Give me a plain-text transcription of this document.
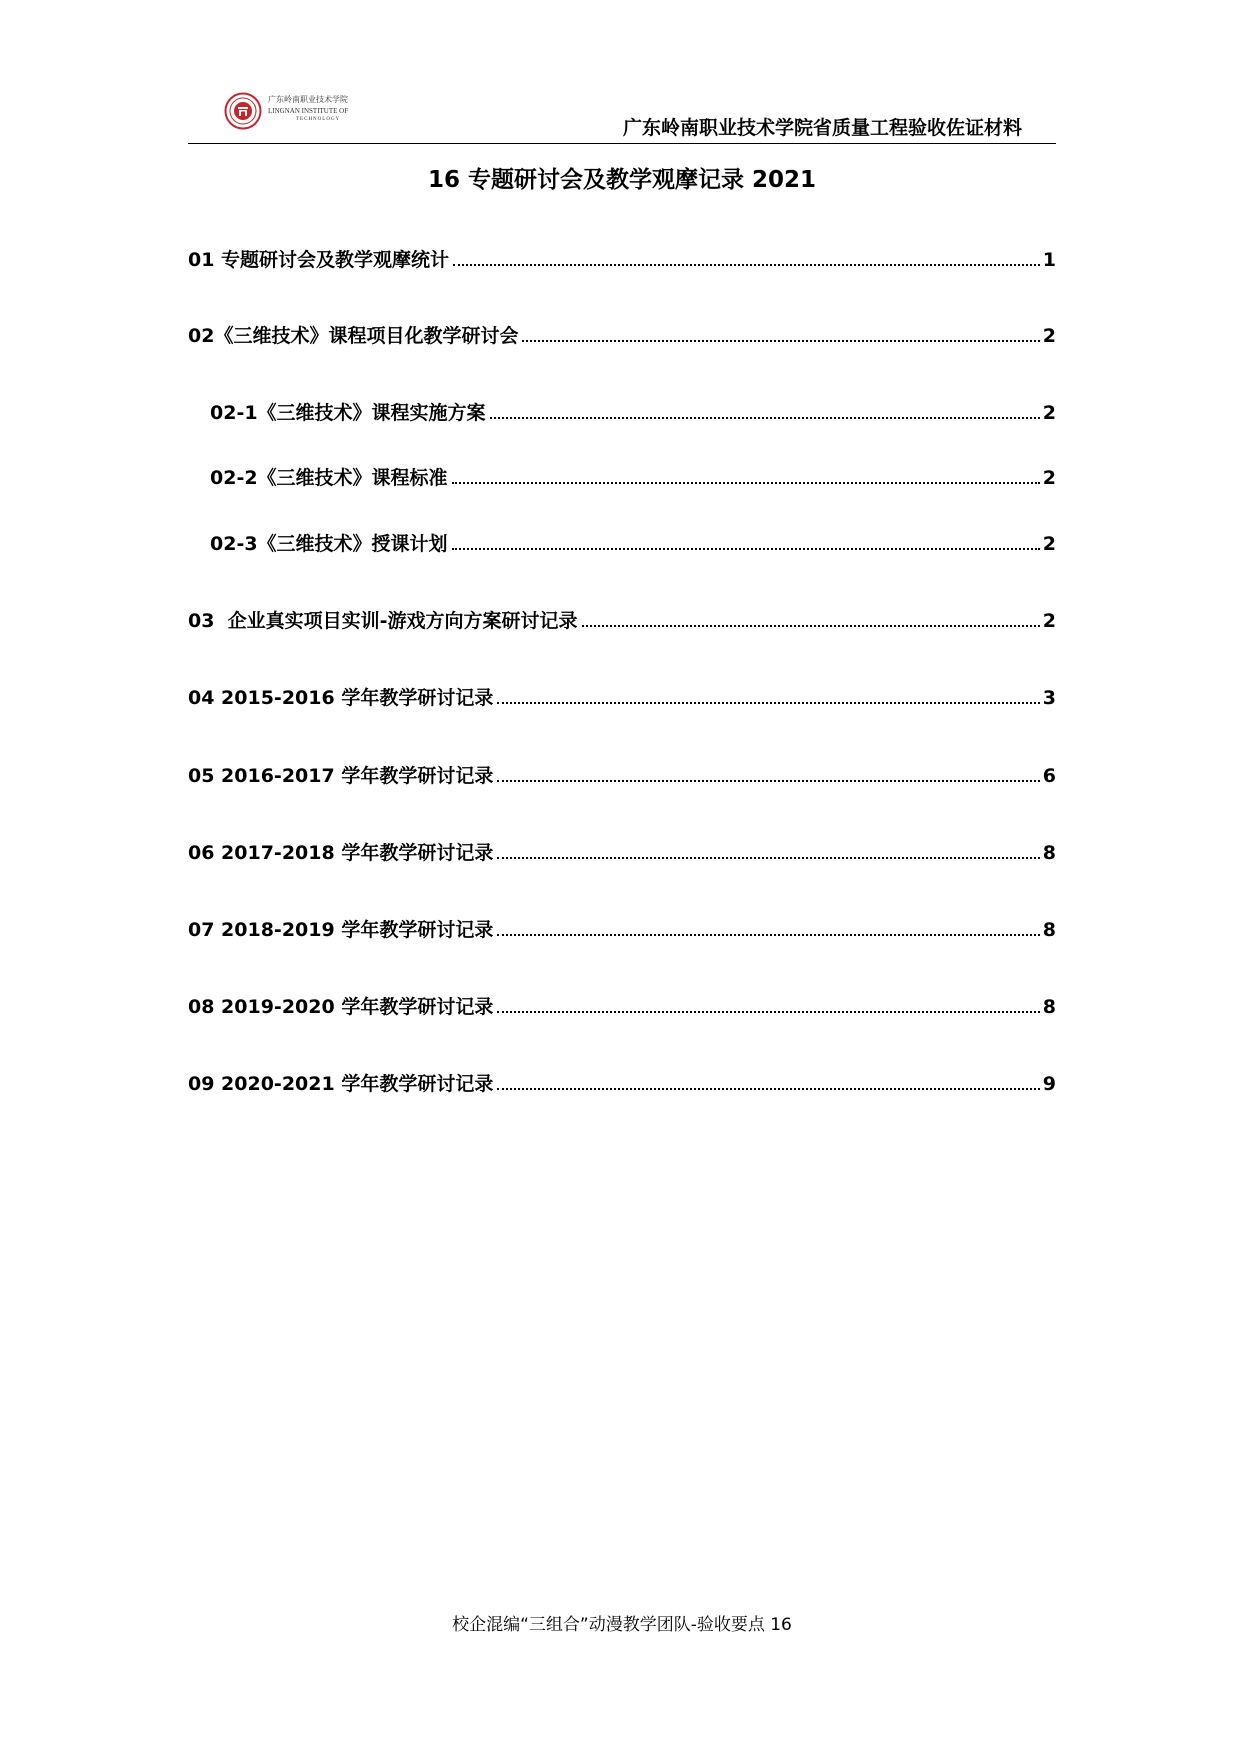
广东岭南职业技术学院
LINGNAN INSTITUTE OF
TECHNOLOGY	广东岭南职业技术学院省质量工程验收佐证材料
16 专题研讨会及教学观摩记录 2021
01 专题研讨会及教学观摩统计	1
02《三维技术》课程项目化教学研讨会	2
02-1《三维技术》课程实施方案	2
02-2《三维技术》课程标准	2
02-3《三维技术》授课计划	2
03  企业真实项目实训-游戏方向方案研讨记录	2
04 2015-2016 学年教学研讨记录	3
05 2016-2017 学年教学研讨记录	6
06 2017-2018 学年教学研讨记录	8
07 2018-2019 学年教学研讨记录	8
08 2019-2020 学年教学研讨记录	8
09 2020-2021 学年教学研讨记录	9
校企混编“三组合”动漫教学团队-验收要点 16
